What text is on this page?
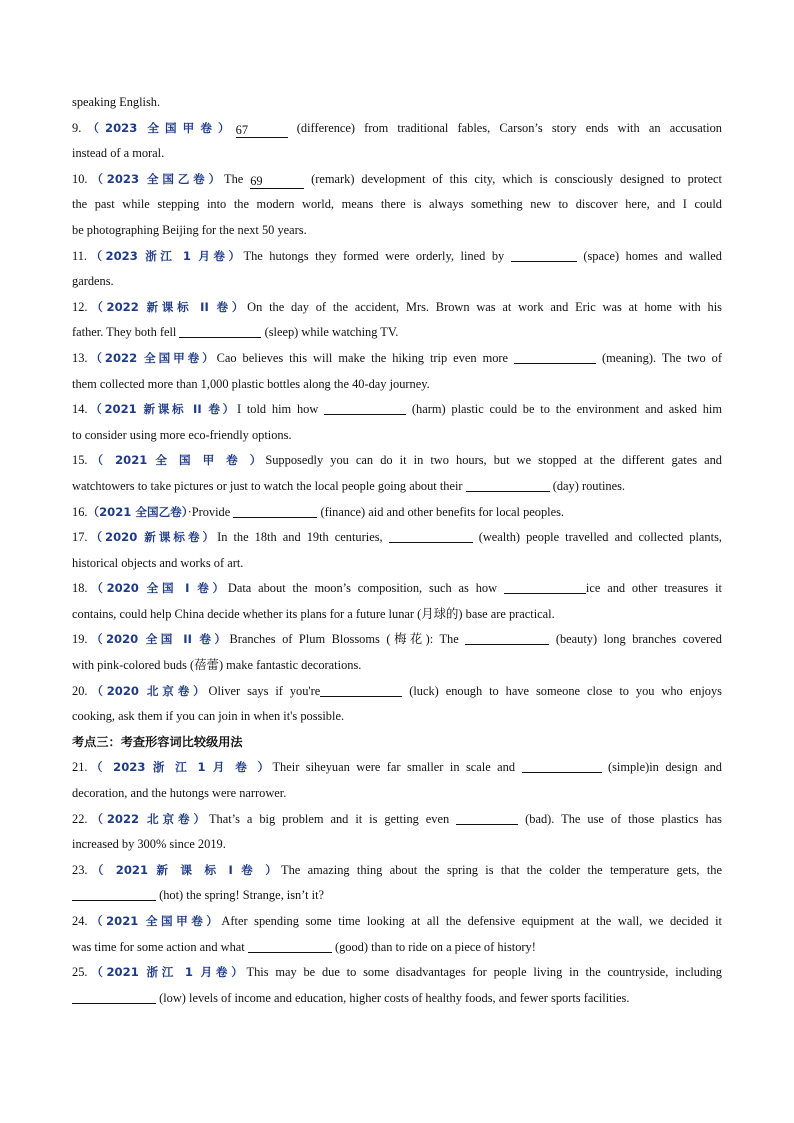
speaking English.
9.（2023 全国甲卷）67	(difference) from traditional fables, Carson’s story ends with an accusation
instead of a moral.
10.（2023 全国乙卷）The 69	(remark) development of this city, which is consciously designed to protect
the past while stepping into the modern world, means there is always something new to discover here, and I could
be photographing Beijing for the next 50 years.
11.（2023 浙江 1 月卷）The hutongs they formed were orderly, lined by	(space) homes and walled
gardens.
12.（2022 新课标 II 卷）On the day of the accident, Mrs. Brown was at work and Eric was at home with his
father. They both fell	(sleep) while watching TV.
13.（2022 全国甲卷）Cao believes this will make the hiking trip even more	(meaning). The two of
them collected more than 1,000 plastic bottles along the 40-day journey.
14.（2021 新课标 II 卷）I told him how	(harm) plastic could be to the environment and asked him
to consider using more eco-friendly options.
15.（ 2021 全 国 甲 卷 ）Supposedly you can do it in two hours, but we stopped at the different gates and
watchtowers to take pictures or just to watch the local people going about their	(day) routines.
16.（2021 全国乙卷）·Provide	(finance) aid and other benefits for local peoples.
17.（2020 新课标卷）In the 18th and 19th centuries,	(wealth) people travelled and collected plants,
historical objects and works of art.
18.（2020 全国 I 卷）Data about the moon’s composition, such as how	ice and other treasures it
contains, could help China decide whether its plans for a future lunar (月球的) base are practical.
19.（2020 全国 II 卷）Branches of Plum Blossoms (梅花): The	(beauty) long branches covered
with pink-colored buds (蓓蕾) make fantastic decorations.
20.（2020 北京卷）Oliver says if you're	(luck) enough to have someone close to you who enjoys
cooking, ask them if you can join in when it's possible.
考点三：考查形容词比较级用法
21.（ 2023 浙 江 1 月 卷 ）Their siheyuan were far smaller in scale and	(simple)in design and
decoration, and the hutongs were narrower.
22.（2022 北京卷）That’s a big problem and it is getting even	(bad). The use of those plastics has
increased by 300% since 2019.
23.（ 2021 新 课 标 I 卷 ）The amazing thing about the spring is that the colder the temperature gets, the
(hot) the spring! Strange, isn’t it?
24.（2021 全国甲卷）After spending some time looking at all the defensive equipment at the wall, we decided it
was time for some action and what	(good) than to ride on a piece of history!
25.（2021 浙江 1 月卷）This may be due to some disadvantages for people living in the countryside, including
(low) levels of income and education, higher costs of healthy foods, and fewer sports facilities.
